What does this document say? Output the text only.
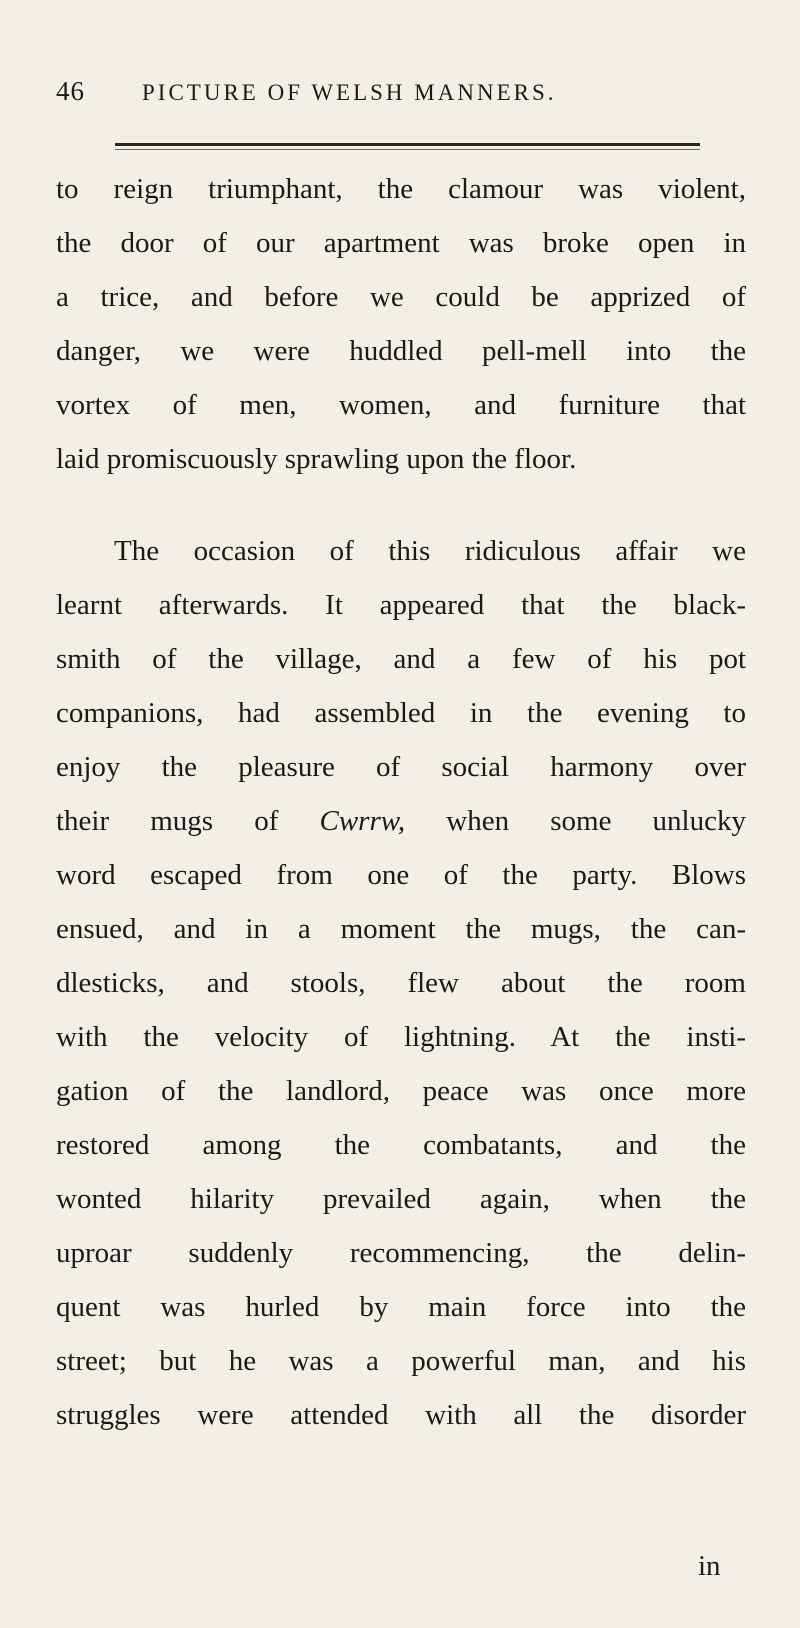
46 PICTURE OF WELSH MANNERS.
to reign triumphant, the clamour was violent,
the door of our apartment was broke open in
a trice, and before we could be apprized of
danger, we were huddled pell-mell into the
vortex of men, women, and furniture that
laid promiscuously sprawling upon the floor.
The occasion of this ridiculous affair we
learnt afterwards. It appeared that the black-
smith of the village, and a few of his pot
companions, had assembled in the evening to
enjoy the pleasure of social harmony over
their mugs of Cwrrw, when some unlucky
word escaped from one of the party. Blows
ensued, and in a moment the mugs, the can-
dlesticks, and stools, flew about the room
with the velocity of lightning. At the insti-
gation of the landlord, peace was once more
restored among the combatants, and the
wonted hilarity prevailed again, when the
uproar suddenly recommencing, the delin-
quent was hurled by main force into the
street; but he was a powerful man, and his
struggles were attended with all the disorder
in
